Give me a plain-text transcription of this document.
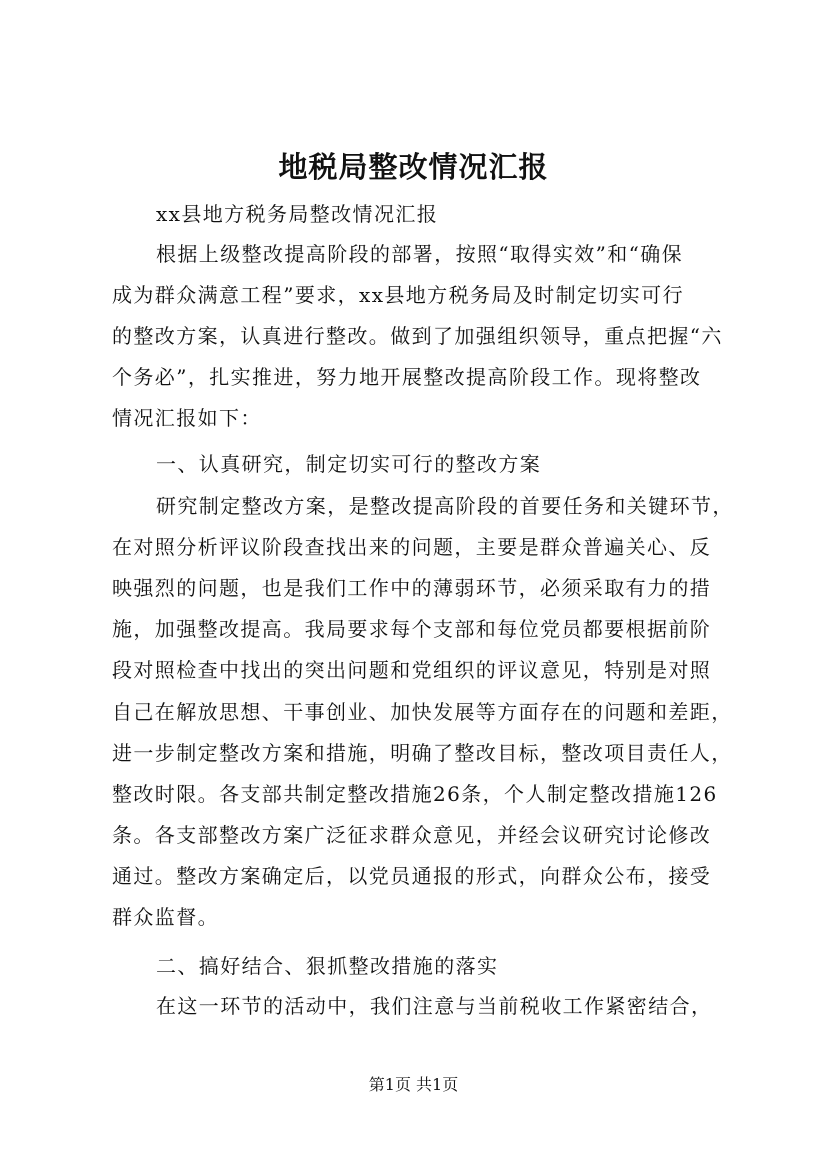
地税局整改情况汇报
xx县地方税务局整改情况汇报
根据上级整改提高阶段的部署，按照“取得实效”和“确保
成为群众满意工程”要求，xx县地方税务局及时制定切实可行
的整改方案，认真进行整改。做到了加强组织领导，重点把握“六
个务必”，扎实推进，努力地开展整改提高阶段工作。现将整改
情况汇报如下：
一、认真研究，制定切实可行的整改方案
研究制定整改方案，是整改提高阶段的首要任务和关键环节，
在对照分析评议阶段查找出来的问题，主要是群众普遍关心、反
映强烈的问题，也是我们工作中的薄弱环节，必须采取有力的措
施，加强整改提高。我局要求每个支部和每位党员都要根据前阶
段对照检查中找出的突出问题和党组织的评议意见，特别是对照
自己在解放思想、干事创业、加快发展等方面存在的问题和差距，
进一步制定整改方案和措施，明确了整改目标，整改项目责任人，
整改时限。各支部共制定整改措施26条，个人制定整改措施126
条。各支部整改方案广泛征求群众意见，并经会议研究讨论修改
通过。整改方案确定后，以党员通报的形式，向群众公布，接受
群众监督。
二、搞好结合、狠抓整改措施的落实
在这一环节的活动中，我们注意与当前税收工作紧密结合，
第1页 共1页
